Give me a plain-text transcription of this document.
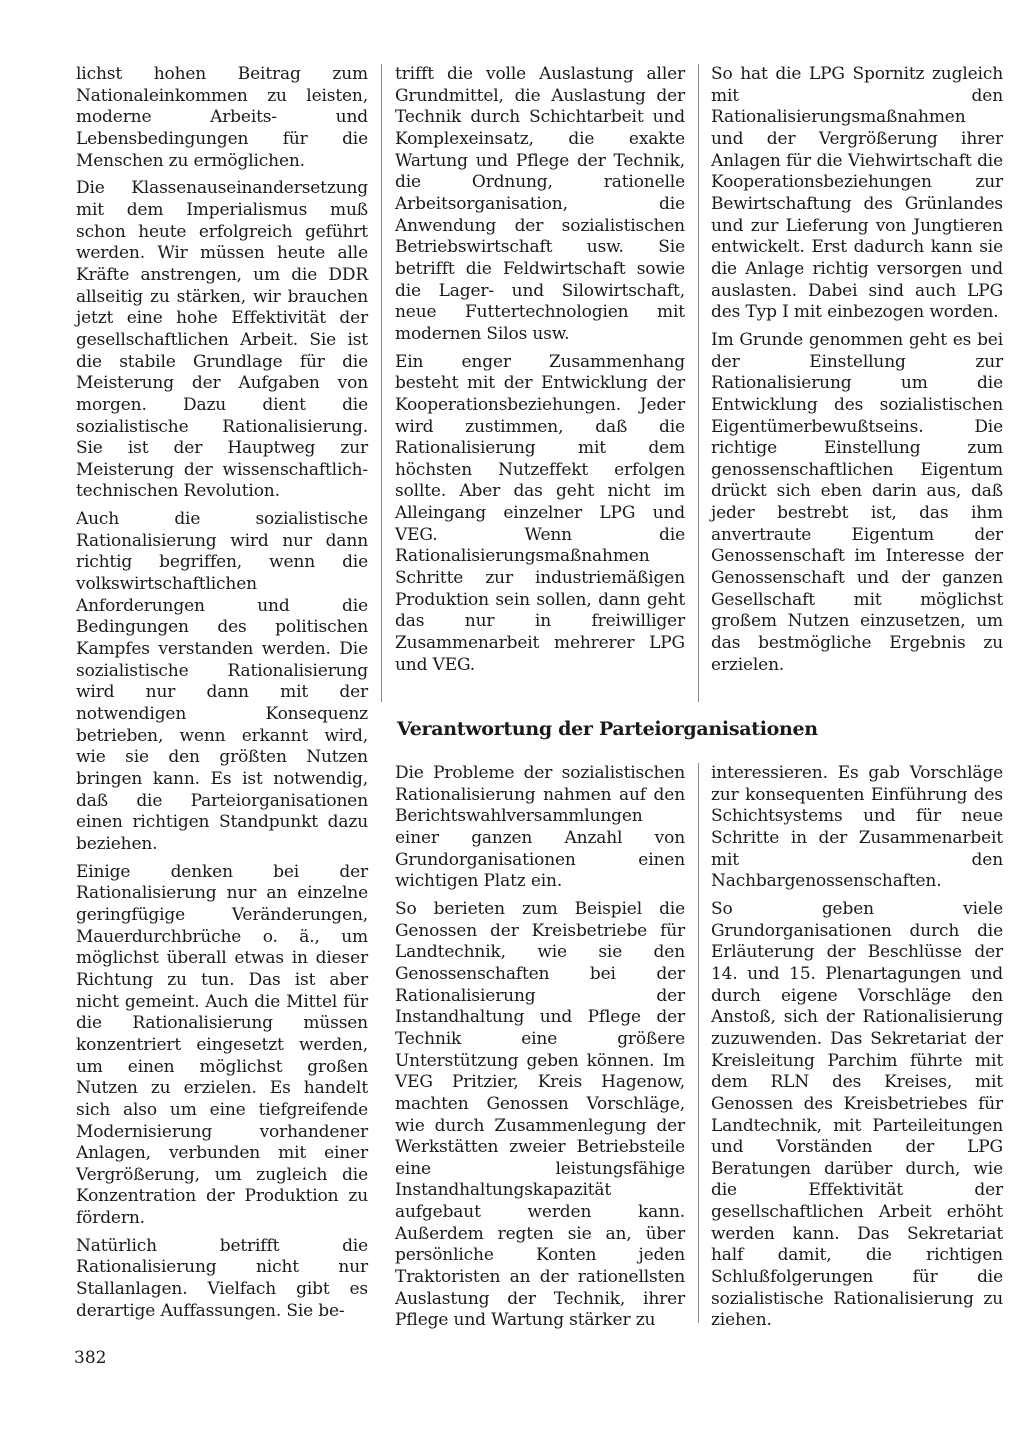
lichst hohen Beitrag zum Nationaleinkommen zu leisten, moderne Arbeits- und Lebensbedingungen für die Menschen zu ermöglichen.

Die Klassenauseinandersetzung mit dem Imperialismus muß schon heute erfolgreich geführt werden. Wir müssen heute alle Kräfte anstrengen, um die DDR allseitig zu stärken, wir brauchen jetzt eine hohe Effektivität der gesellschaftlichen Arbeit. Sie ist die stabile Grundlage für die Meisterung der Aufgaben von morgen. Dazu dient die sozialistische Rationalisierung. Sie ist der Hauptweg zur Meisterung der wissenschaftlich-technischen Revolution.

Auch die sozialistische Rationalisierung wird nur dann richtig begriffen, wenn die volkswirtschaftlichen Anforderungen und die Bedingungen des politischen Kampfes verstanden werden. Die sozialistische Rationalisierung wird nur dann mit der notwendigen Konsequenz betrieben, wenn erkannt wird, wie sie den größten Nutzen bringen kann. Es ist notwendig, daß die Parteiorganisationen einen richtigen Standpunkt dazu beziehen.

Einige denken bei der Rationalisierung nur an einzelne geringfügige Veränderungen, Mauerdurchbrüche o. ä., um möglichst überall etwas in dieser Richtung zu tun. Das ist aber nicht gemeint. Auch die Mittel für die Rationalisierung müssen konzentriert eingesetzt werden, um einen möglichst großen Nutzen zu erzielen. Es handelt sich also um eine tiefgreifende Modernisierung vorhandener Anlagen, verbunden mit einer Vergrößerung, um zugleich die Konzentration der Produktion zu fördern.

Natürlich betrifft die Rationalisierung nicht nur Stallanlagen. Vielfach gibt es derartige Auffassungen. Sie be-

trifft die volle Auslastung aller Grundmittel, die Auslastung der Technik durch Schichtarbeit und Komplexeinsatz, die exakte Wartung und Pflege der Technik, die Ordnung, rationelle Arbeitsorganisation, die Anwendung der sozialistischen Betriebswirtschaft usw. Sie betrifft die Feldwirtschaft sowie die Lager- und Silowirtschaft, neue Futtertechnologien mit modernen Silos usw.

Ein enger Zusammenhang besteht mit der Entwicklung der Kooperationsbeziehungen. Jeder wird zustimmen, daß die Rationalisierung mit dem höchsten Nutzeffekt erfolgen sollte. Aber das geht nicht im Alleingang einzelner LPG und VEG. Wenn die Rationalisierungsmaßnahmen Schritte zur industriemäßigen Produktion sein sollen, dann geht das nur in freiwilliger Zusammenarbeit mehrerer LPG und VEG.

So hat die LPG Spornitz zugleich mit den Rationalisierungsmaßnahmen und der Vergrößerung ihrer Anlagen für die Viehwirtschaft die Kooperationsbeziehungen zur Bewirtschaftung des Grünlandes und zur Lieferung von Jungtieren entwickelt. Erst dadurch kann sie die Anlage richtig versorgen und auslasten. Dabei sind auch LPG des Typ I mit einbezogen worden.

Im Grunde genommen geht es bei der Einstellung zur Rationalisierung um die Entwicklung des sozialistischen Eigentümerbewußtseins. Die richtige Einstellung zum genossenschaftlichen Eigentum drückt sich eben darin aus, daß jeder bestrebt ist, das ihm anvertraute Eigentum der Genossenschaft im Interesse der Genossenschaft und der ganzen Gesellschaft mit möglichst großem Nutzen einzusetzen, um das bestmögliche Ergebnis zu erzielen.

Verantwortung der Parteiorganisationen

Die Probleme der sozialistischen Rationalisierung nahmen auf den Berichtswahlversammlungen einer ganzen Anzahl von Grundorganisationen einen wichtigen Platz ein.

So berieten zum Beispiel die Genossen der Kreisbetriebe für Landtechnik, wie sie den Genossenschaften bei der Rationalisierung der Instandhaltung und Pflege der Technik eine größere Unterstützung geben können. Im VEG Pritzier, Kreis Hagenow, machten Genossen Vorschläge, wie durch Zusammenlegung der Werkstätten zweier Betriebsteile eine leistungsfähige Instandhaltungskapazität aufgebaut werden kann. Außerdem regten sie an, über persönliche Konten jeden Traktoristen an der rationellsten Auslastung der Technik, ihrer Pflege und Wartung stärker zu

interessieren. Es gab Vorschläge zur konsequenten Einführung des Schichtsystems und für neue Schritte in der Zusammenarbeit mit den Nachbargenossenschaften.

So geben viele Grundorganisationen durch die Erläuterung der Beschlüsse der 14. und 15. Plenartagungen und durch eigene Vorschläge den Anstoß, sich der Rationalisierung zuzuwenden. Das Sekretariat der Kreisleitung Parchim führte mit dem RLN des Kreises, mit Genossen des Kreisbetriebes für Landtechnik, mit Parteileitungen und Vorständen der LPG Beratungen darüber durch, wie die Effektivität der gesellschaftlichen Arbeit erhöht werden kann. Das Sekretariat half damit, die richtigen Schlußfolgerungen für die sozialistische Rationalisierung zu ziehen.

382
